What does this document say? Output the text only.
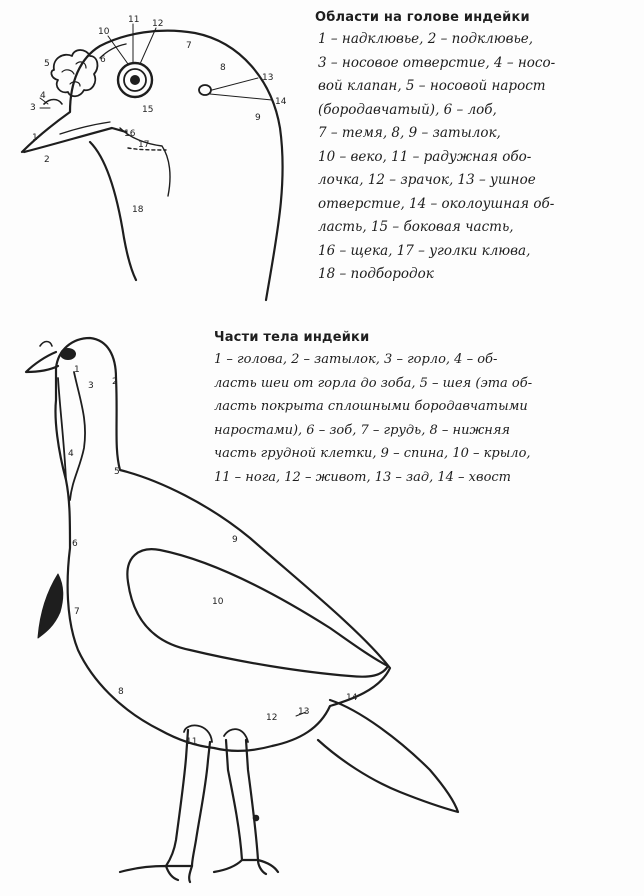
1
2
3
4
5	6
7
8
9
10
11 12
13
14
15
16
17
18
1
2
3
4
5
6
7
8
9
10
11
12
13
14
Области на голове индейки

1 – надклювье, 2 – подклювье,
3 – носовое отверстие, 4 – носо-
вой клапан, 5 – носовой нарост
(бородавчатый), 6 – лоб,
7 – темя, 8, 9 – затылок,
10 – веко, 11 – радужная обо-
лочка, 12 – зрачок, 13 – ушное
отверстие, 14 – околоушная об-
ласть, 15 – боковая часть,
16 – щека, 17 – уголки клюва,
18 – подбородок

Части тела индейки

1 – голова, 2 – затылок, 3 – горло, 4 – об-
ласть шеи от горла до зоба, 5 – шея (эта об-
ласть покрыта сплошными бородавчатыми
наростами), 6 – зоб, 7 – грудь, 8 – нижняя
часть грудной клетки, 9 – спина, 10 – крыло,
11 – нога, 12 – живот, 13 – зад, 14 – хвост
